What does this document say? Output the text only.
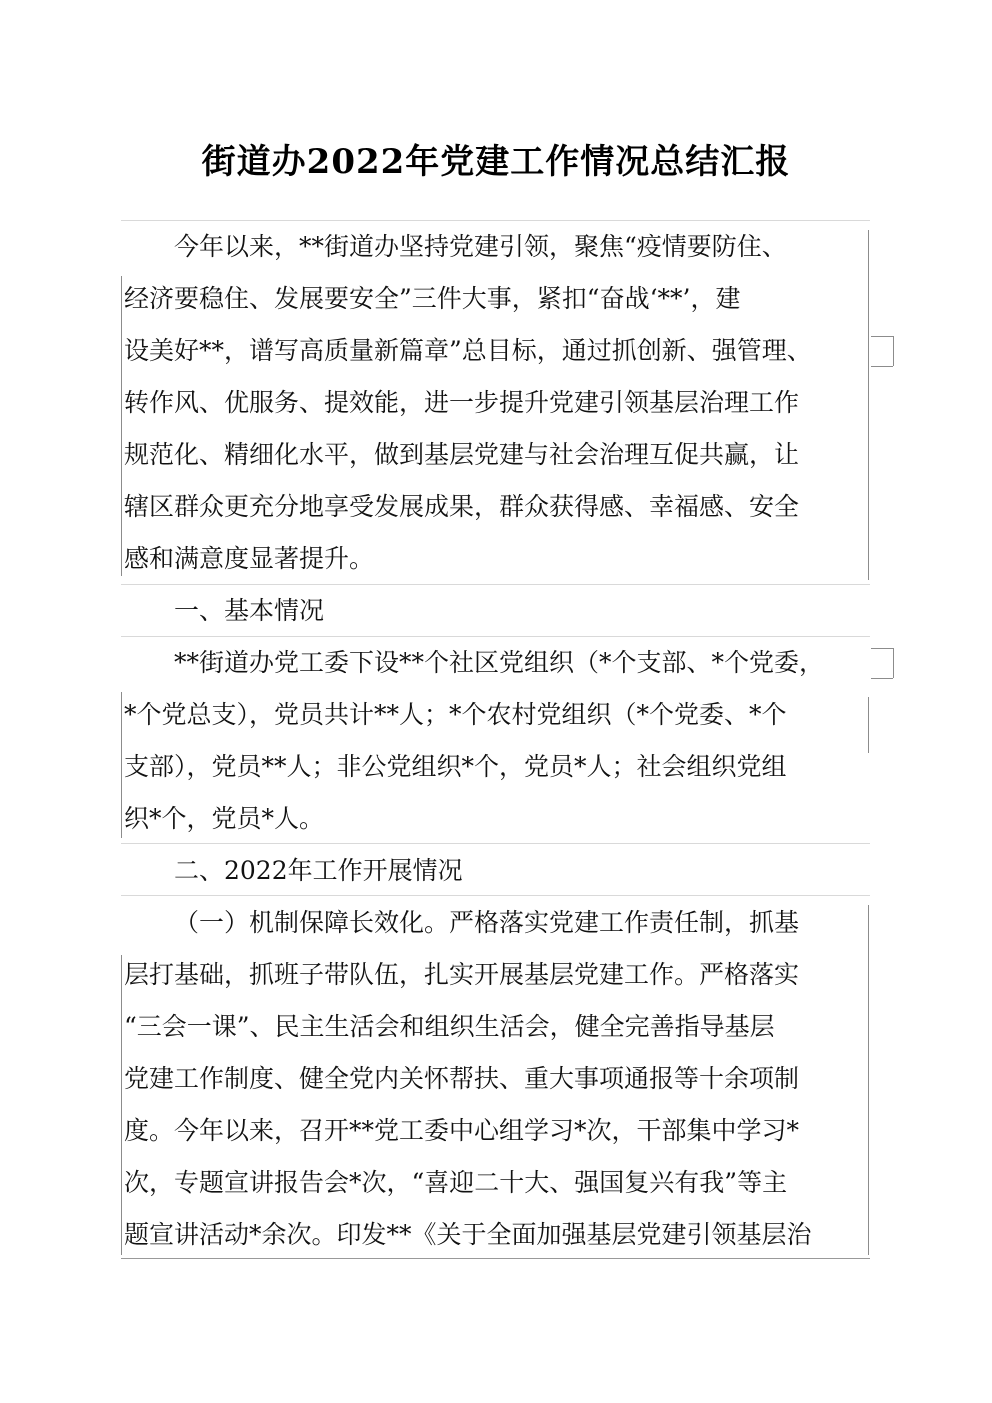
街道办2022年党建工作情况总结汇报
今年以来，**街道办坚持党建引领，聚焦“疫情要防住、
经济要稳住、发展要安全”三件大事，紧扣“奋战‘**’，建
设美好**，谱写高质量新篇章”总目标，通过抓创新、强管理、
转作风、优服务、提效能，进一步提升党建引领基层治理工作
规范化、精细化水平，做到基层党建与社会治理互促共赢，让
辖区群众更充分地享受发展成果，群众获得感、幸福感、安全
感和满意度显著提升。
一、基本情况
**街道办党工委下设**个社区党组织（*个支部、*个党委，
*个党总支），党员共计**人；*个农村党组织（*个党委、*个
支部），党员**人；非公党组织*个，党员*人；社会组织党组
织*个，党员*人。
二、2022年工作开展情况
（一）机制保障长效化。严格落实党建工作责任制，抓基
层打基础，抓班子带队伍，扎实开展基层党建工作。严格落实
“三会一课”、民主生活会和组织生活会，健全完善指导基层
党建工作制度、健全党内关怀帮扶、重大事项通报等十余项制
度。今年以来，召开**党工委中心组学习*次，干部集中学习*
次，专题宣讲报告会*次，“喜迎二十大、强国复兴有我”等主
题宣讲活动*余次。印发**《关于全面加强基层党建引领基层治
